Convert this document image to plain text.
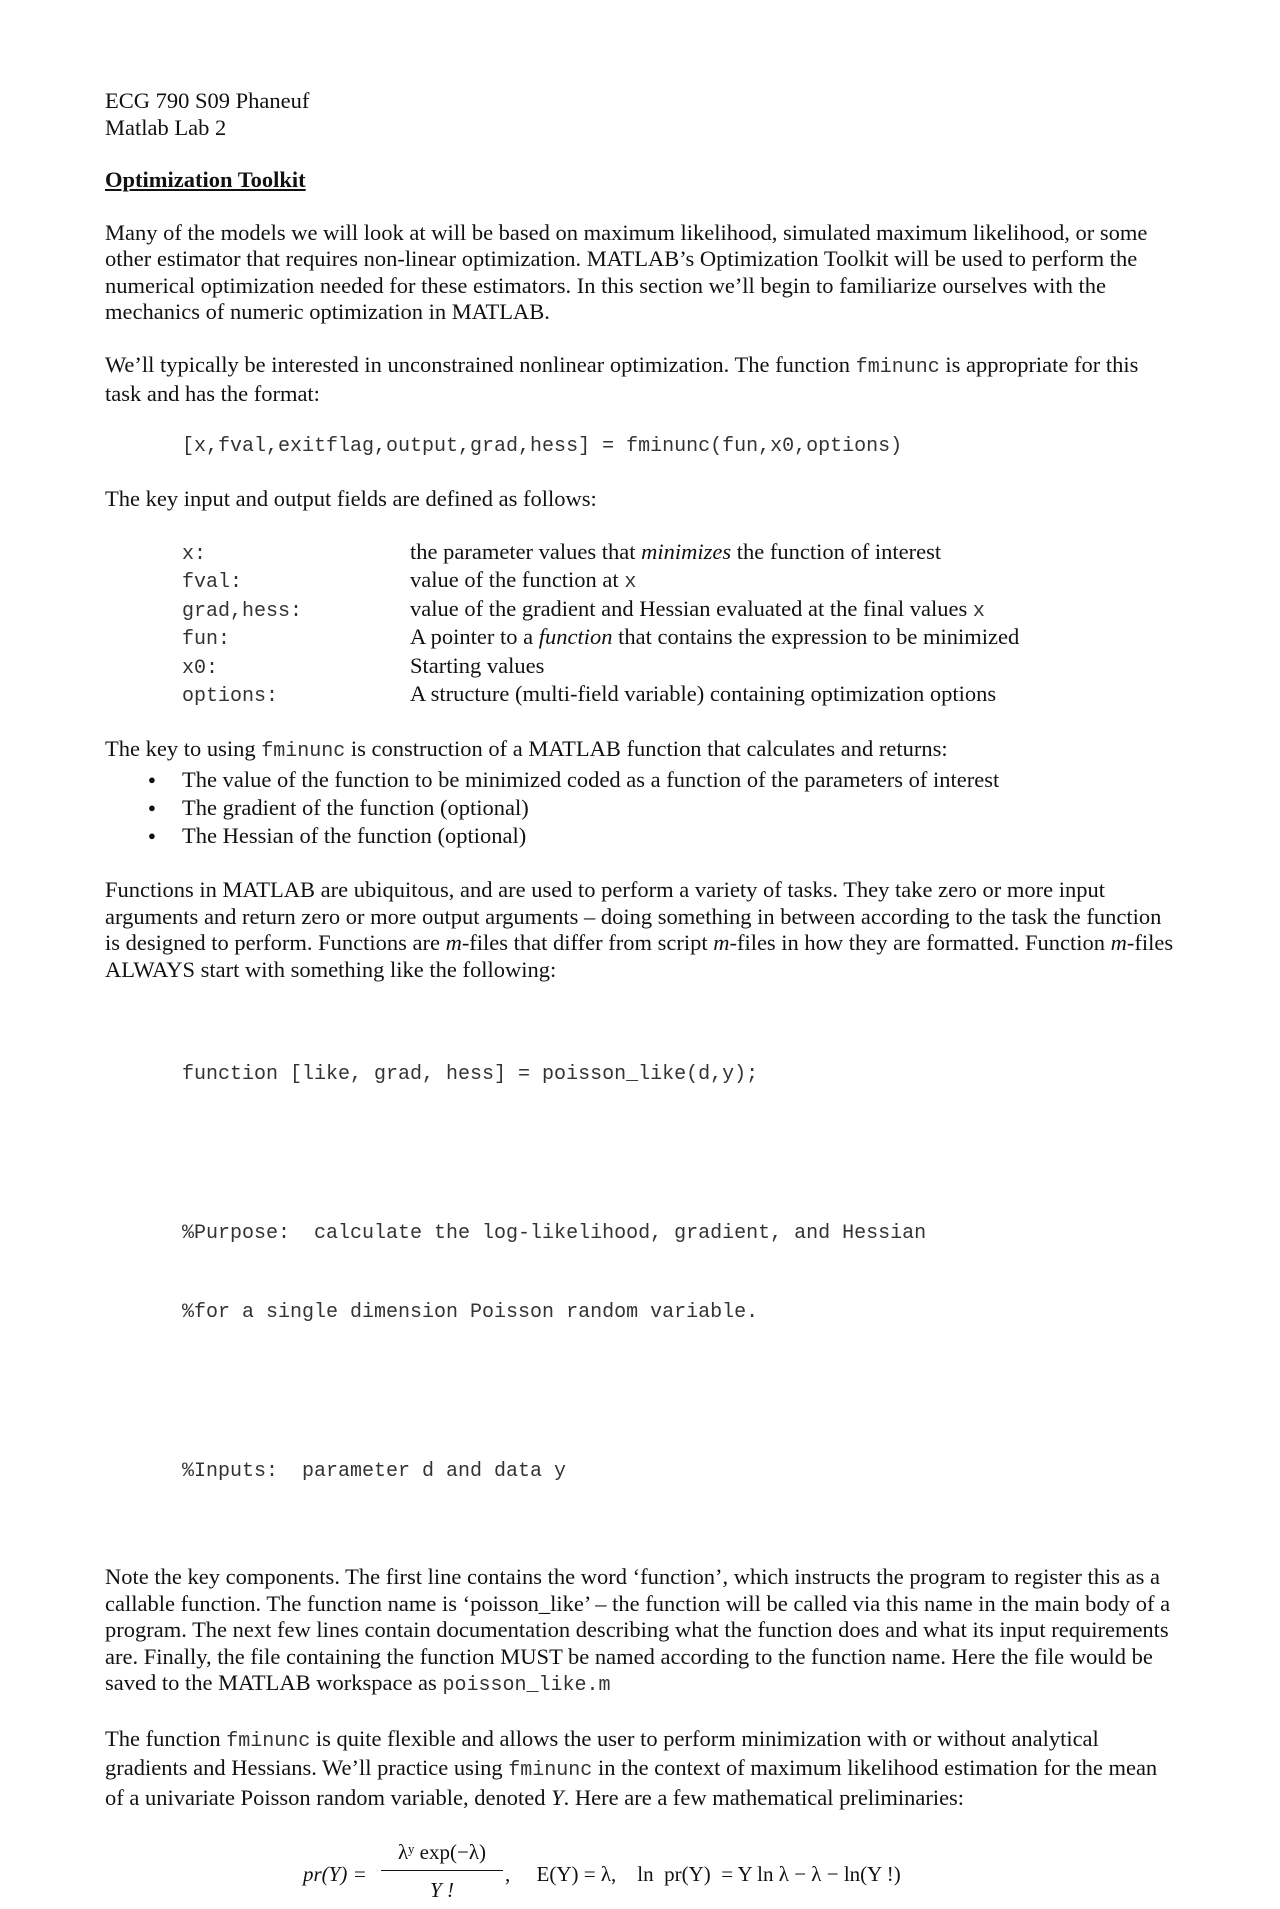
ECG 790 S09 Phaneuf

Matlab Lab 2

Optimization Toolkit

Many of the models we will look at will be based on maximum likelihood, simulated maximum likelihood, or some other estimator that requires non-linear optimization. MATLAB’s Optimization Toolkit will be used to perform the numerical optimization needed for these estimators. In this section we’ll begin to familiarize ourselves with the mechanics of numeric optimization in MATLAB.

We’ll typically be interested in unconstrained nonlinear optimization. The function fminunc is appropriate for this task and has the format:

[x,fval,exitflag,output,grad,hess] = fminunc(fun,x0,options)

The key input and output fields are defined as follows:

x:	the parameter values that minimizes the function of interest
fval:	value of the function at x
grad,hess:	value of the gradient and Hessian evaluated at the final values x
fun:	A pointer to a function that contains the expression to be minimized
x0:	Starting values
options:	A structure (multi-field variable) containing optimization options

The key to using fminunc is construction of a MATLAB function that calculates and returns:

● The value of the function to be minimized coded as a function of the parameters of interest
● The gradient of the function (optional)
● The Hessian of the function (optional)

Functions in MATLAB are ubiquitous, and are used to perform a variety of tasks. They take zero or more input arguments and return zero or more output arguments – doing something in between according to the task the function is designed to perform. Functions are m-files that differ from script m-files in how they are formatted. Function m-files ALWAYS start with something like the following:

function [like, grad, hess] = poisson_like(d,y);

%Purpose:  calculate the log-likelihood, gradient, and Hessian

%for a single dimension Poisson random variable.

%Inputs:  parameter d and data y

Note the key components. The first line contains the word ‘function’, which instructs the program to register this as a callable function. The function name is ‘poisson_like’ – the function will be called via this name in the main body of a program. The next few lines contain documentation describing what the function does and what its input requirements are. Finally, the file containing the function MUST be named according to the function name. Here the file would be saved to the MATLAB workspace as poisson_like.m

The function fminunc is quite flexible and allows the user to perform minimization with or without analytical gradients and Hessians. We’ll practice using fminunc in the context of maximum likelihood estimation for the mean of a univariate Poisson random variable, denoted Y. Here are a few mathematical preliminaries:

$pr(Y) = \frac{\text{λʸ exp(−λ)}}{Y !}$ ,     E(Y) = λ,    ln  pr(Y)  = Y ln λ − λ − ln(Y !)
